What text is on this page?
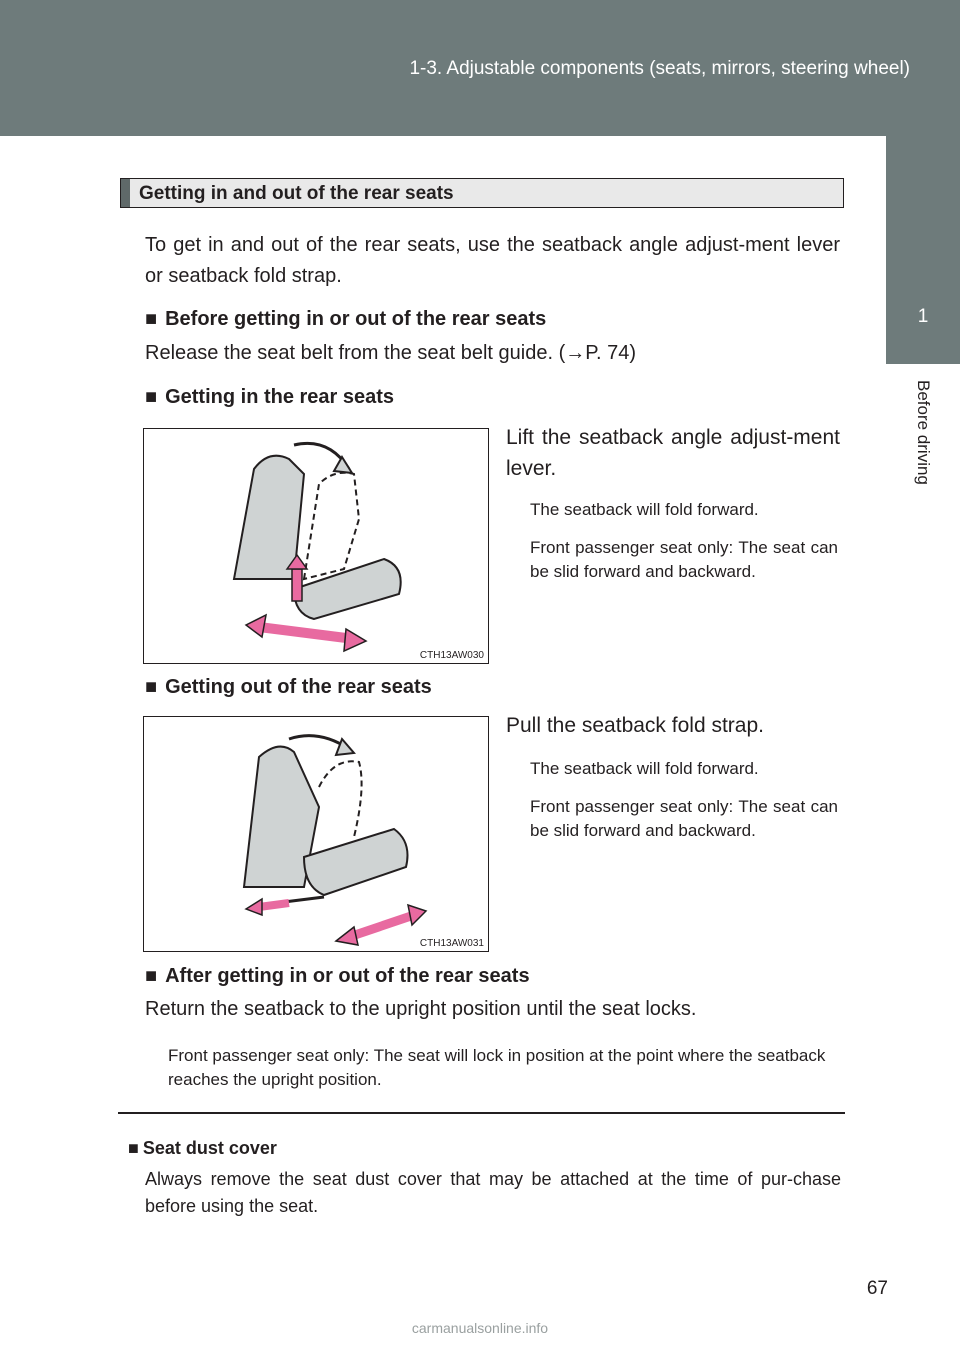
1-3. Adjustable components (seats, mirrors, steering wheel)
1
Before driving
Getting in and out of the rear seats
To get in and out of the rear seats, use the seatback angle adjust-ment lever or seatback fold strap.
■ Before getting in or out of the rear seats
Release the seat belt from the seat belt guide. (→P. 74)
■ Getting in the rear seats
CTH13AW030
Lift the seatback angle adjust-ment lever.
The seatback will fold forward.
Front passenger seat only: The seat can be slid forward and backward.
■ Getting out of the rear seats
CTH13AW031
Pull the seatback fold strap.
The seatback will fold forward.
Front passenger seat only: The seat can be slid forward and backward.
■ After getting in or out of the rear seats
Return the seatback to the upright position until the seat locks.
Front passenger seat only: The seat will lock in position at the point where the seatback reaches the upright position.
■ Seat dust cover
Always remove the seat dust cover that may be attached at the time of pur-chase before using the seat.
67
carmanualsonline.info
